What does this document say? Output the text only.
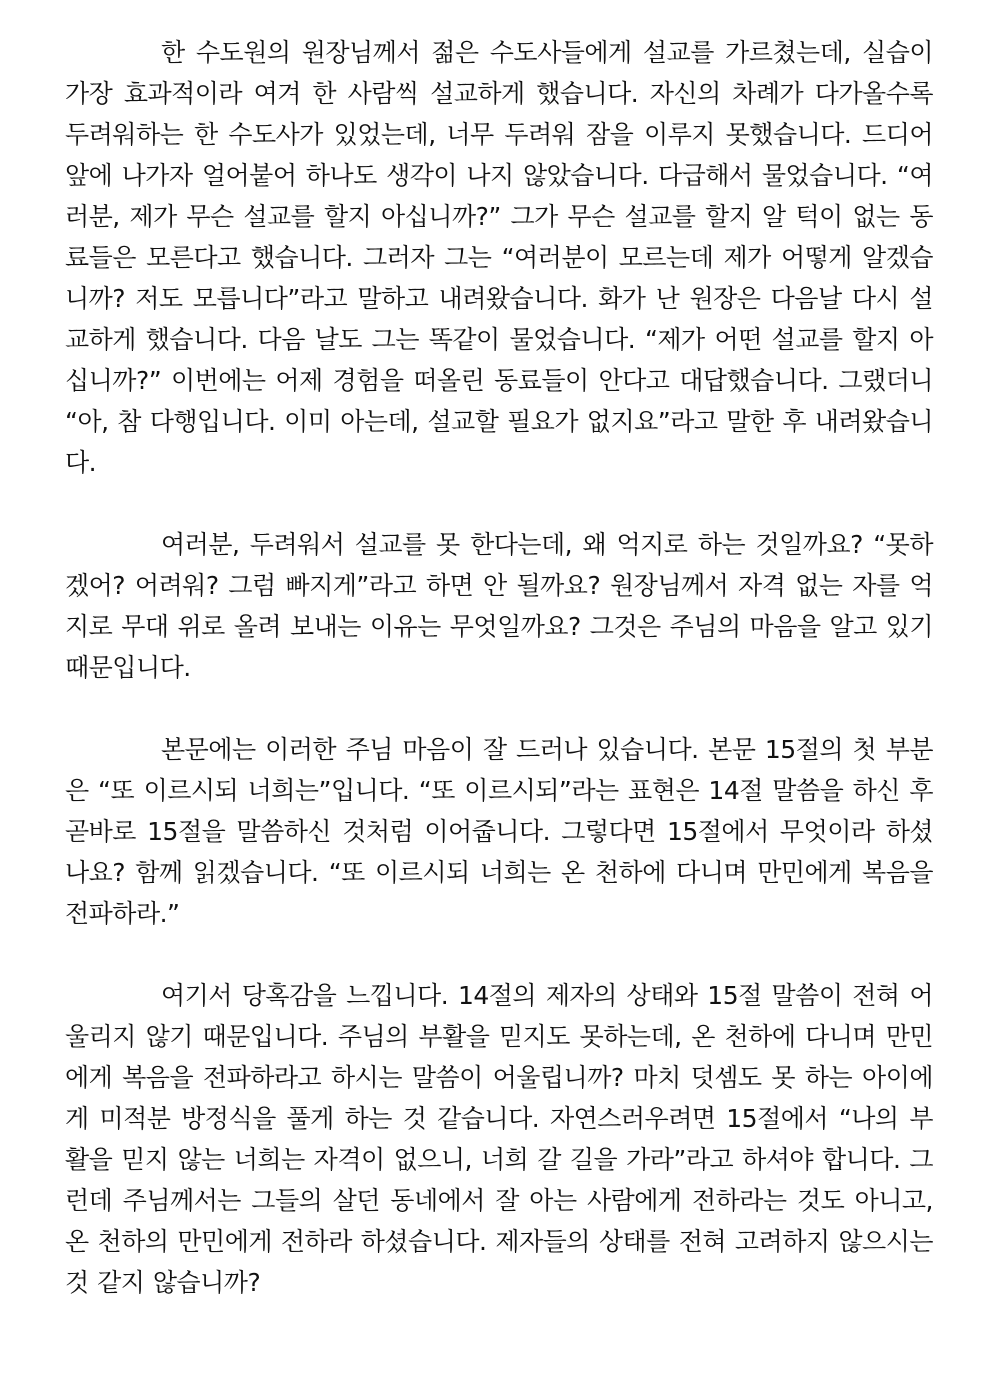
한 수도원의 원장님께서 젊은 수도사들에게 설교를 가르쳤는데, 실습이 가장 효과적이라 여겨 한 사람씩 설교하게 했습니다. 자신의 차례가 다가올수록 두려워하는 한 수도사가 있었는데, 너무 두려워 잠을 이루지 못했습니다. 드디어 앞에 나가자 얼어붙어 하나도 생각이 나지 않았습니다. 다급해서 물었습니다. “여러분, 제가 무슨 설교를 할지 아십니까?” 그가 무슨 설교를 할지 알 턱이 없는 동료들은 모른다고 했습니다. 그러자 그는 “여러분이 모르는데 제가 어떻게 알겠습니까? 저도 모릅니다”라고 말하고 내려왔습니다. 화가 난 원장은 다음날 다시 설교하게 했습니다. 다음 날도 그는 똑같이 물었습니다. “제가 어떤 설교를 할지 아십니까?” 이번에는 어제 경험을 떠올린 동료들이 안다고 대답했습니다. 그랬더니 “아, 참 다행입니다. 이미 아는데, 설교할 필요가 없지요”라고 말한 후 내려왔습니다.

여러분, 두려워서 설교를 못 한다는데, 왜 억지로 하는 것일까요? “못하겠어? 어려워? 그럼 빠지게”라고 하면 안 될까요? 원장님께서 자격 없는 자를 억지로 무대 위로 올려 보내는 이유는 무엇일까요? 그것은 주님의 마음을 알고 있기 때문입니다.

본문에는 이러한 주님 마음이 잘 드러나 있습니다. 본문 15절의 첫 부분은 “또 이르시되 너희는”입니다. “또 이르시되”라는 표현은 14절 말씀을 하신 후 곧바로 15절을 말씀하신 것처럼 이어줍니다. 그렇다면 15절에서 무엇이라 하셨나요? 함께 읽겠습니다. “또 이르시되 너희는 온 천하에 다니며 만민에게 복음을 전파하라.”

여기서 당혹감을 느낍니다. 14절의 제자의 상태와 15절 말씀이 전혀 어울리지 않기 때문입니다. 주님의 부활을 믿지도 못하는데, 온 천하에 다니며 만민에게 복음을 전파하라고 하시는 말씀이 어울립니까? 마치 덧셈도 못 하는 아이에게 미적분 방정식을 풀게 하는 것 같습니다. 자연스러우려면 15절에서 “나의 부활을 믿지 않는 너희는 자격이 없으니, 너희 갈 길을 가라”라고 하셔야 합니다. 그런데 주님께서는 그들의 살던 동네에서 잘 아는 사람에게 전하라는 것도 아니고, 온 천하의 만민에게 전하라 하셨습니다. 제자들의 상태를 전혀 고려하지 않으시는 것 같지 않습니까?
